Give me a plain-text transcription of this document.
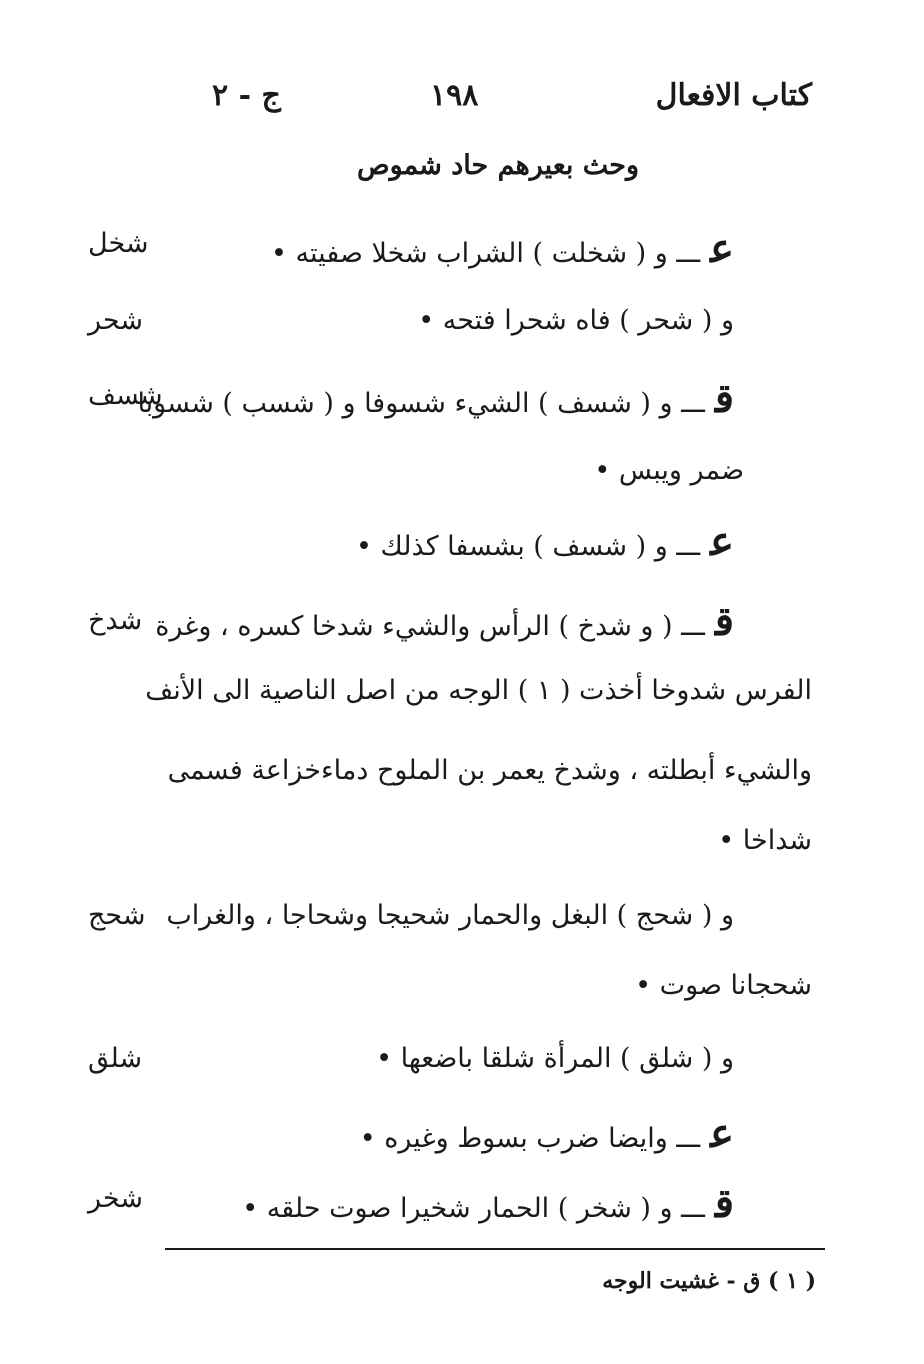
كتاب الافعال
١٩٨
ج - ٢
وحث بعيرهم حاد شموص
عـــ و ( شخلت ) الشراب شخلا صفيته •
و ( شحر ) فاه شحرا فتحه •
قـــ و ( شسف ) الشيء شسوفا و ( شسب ) شسوبا
ضمر ويبس •
عـــ و ( شسف ) بشسفا كذلك •
قـــ ( و شدخ ) الرأس والشيء شدخا كسره ، وغرة
الفرس شدوخا أخذت ( ١ ) الوجه من اصل الناصية الى الأنف
والشيء أبطلته ، وشدخ يعمر بن الملوح دماءخزاعة فسمى
شداخا •
و ( شحج ) البغل والحمار شحيجا وشحاجا ، والغراب
شحجانا صوت •
و ( شلق ) المرأة شلقا باضعها •
عـــ وايضا ضرب بسوط وغيره •
قـــ و ( شخر ) الحمار شخيرا صوت حلقه •
شخل
شحر
شسف
شدخ
شحج
شلق
شخر
( ١ ) ق - غشيت الوجه
